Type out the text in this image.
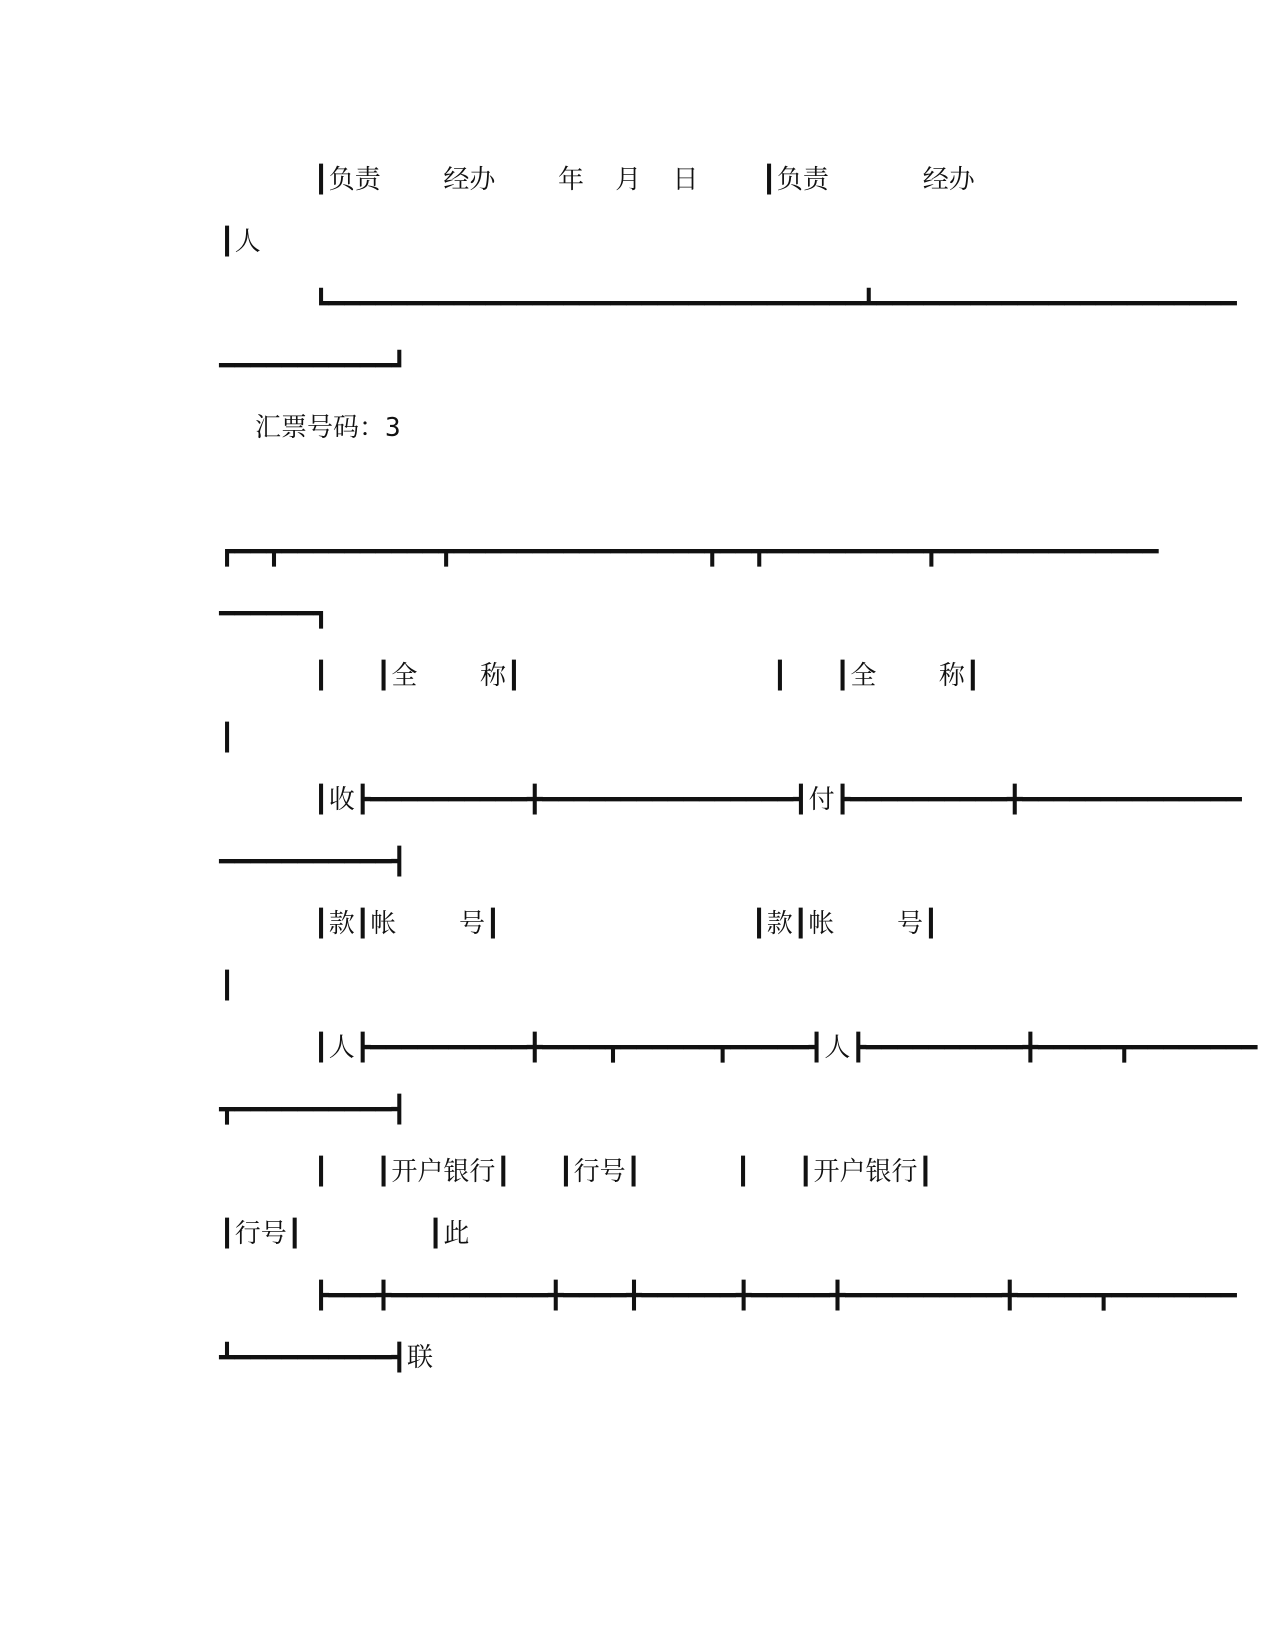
┃负责    经办    年  月  日    ┃负责      经办
┃人
┗━━━━━━━━━━━━━━━━━━━━━━━━━━━━━━━━━━┻━━━━━━━━━━━━━━━━━━━━━━━
━━━━━━━━━━━┛
汇票号码：3
┏━━┳━━━━━━━━━━┳━━━━━━━━━━━━━━━━┳━━┳━━━━━━━━━━┳━━━━━━━━━━━━━━
━━━━━━┓
┃   ┃全    称┃                ┃   ┃全    称┃
┃
┃收┣━━━━━━━━━━╋━━━━━━━━━━━━━━━━┫付┣━━━━━━━━━━╋━━━━━━━━━━━━━━
━━━━━━━━━━━┫
┃款┃帐    号┃                ┃款┃帐    号┃
┃
┃人┣━━━━━━━━━━╋━━━━┳━━━━━━┳━━━━━┫人┣━━━━━━━━━━╋━━━━━┳━━━━━━━━
┳━━━━━━━━━━┫
┃   ┃开户银行┃   ┃行号┃      ┃   ┃开户银行┃
┃行号┃        ┃此
┣━━━╋━━━━━━━━━━╋━━━━╋━━━━━━╋━━━━━╋━━━━━━━━━━╋━━━━━┳━━━━━━━━
┻━━━━━━━━━━┫联
